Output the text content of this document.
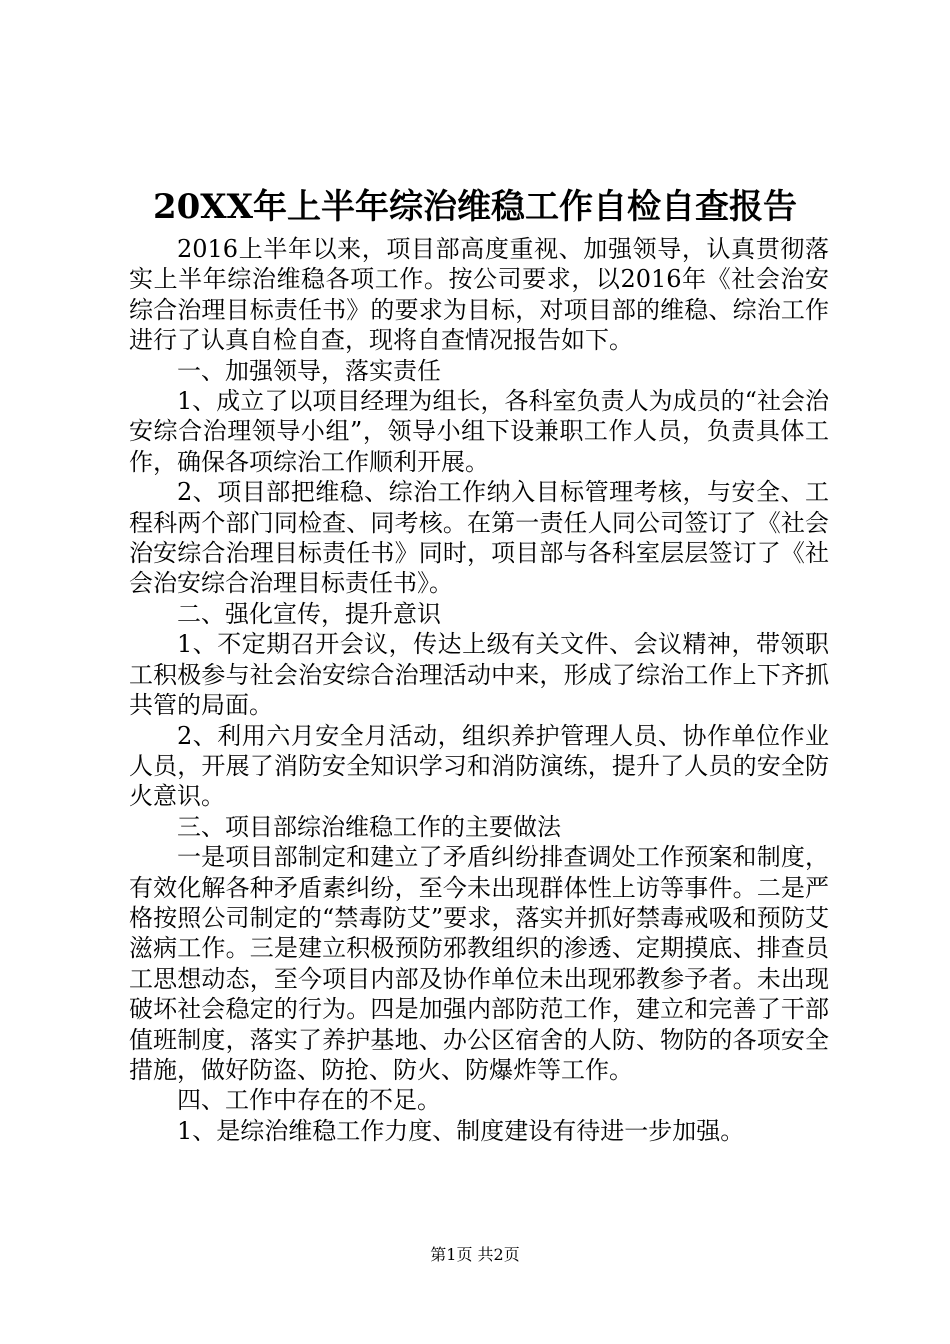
20XX年上半年综治维稳工作自检自查报告

2016上半年以来，项目部高度重视、加强领导，认真贯彻落实上半年综治维稳各项工作。按公司要求，以2016年《社会治安综合治理目标责任书》的要求为目标，对项目部的维稳、综治工作进行了认真自检自查，现将自查情况报告如下。

一、加强领导，落实责任

1、成立了以项目经理为组长，各科室负责人为成员的“社会治安综合治理领导小组”，领导小组下设兼职工作人员，负责具体工作，确保各项综治工作顺利开展。

2、项目部把维稳、综治工作纳入目标管理考核，与安全、工程科两个部门同检查、同考核。在第一责任人同公司签订了《社会治安综合治理目标责任书》同时，项目部与各科室层层签订了《社会治安综合治理目标责任书》。

二、强化宣传，提升意识

1、不定期召开会议，传达上级有关文件、会议精神，带领职工积极参与社会治安综合治理活动中来，形成了综治工作上下齐抓共管的局面。

2、利用六月安全月活动，组织养护管理人员、协作单位作业人员，开展了消防安全知识学习和消防演练，提升了人员的安全防火意识。

三、项目部综治维稳工作的主要做法

一是项目部制定和建立了矛盾纠纷排查调处工作预案和制度，有效化解各种矛盾素纠纷，至今未出现群体性上访等事件。二是严格按照公司制定的“禁毒防艾”要求，落实并抓好禁毒戒吸和预防艾滋病工作。三是建立积极预防邪教组织的渗透、定期摸底、排查员工思想动态，至今项目内部及协作单位未出现邪教参予者。未出现破坏社会稳定的行为。四是加强内部防范工作，建立和完善了干部值班制度，落实了养护基地、办公区宿舍的人防、物防的各项安全措施，做好防盗、防抢、防火、防爆炸等工作。

四、工作中存在的不足。

1、是综治维稳工作力度、制度建设有待进一步加强。

第1页 共2页
